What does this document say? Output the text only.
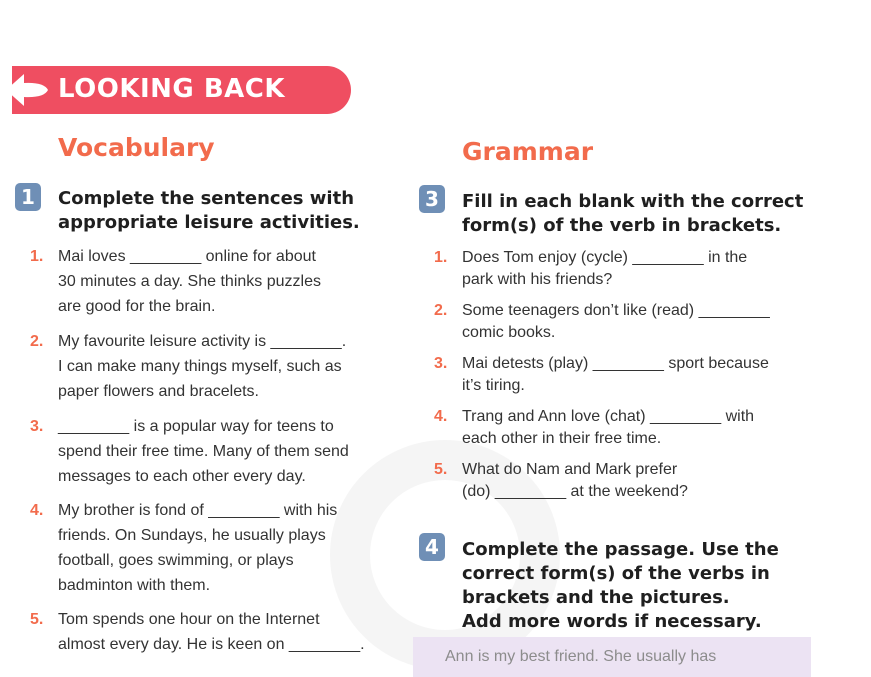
LOOKING BACK
Vocabulary
1	Complete the sentences with
appropriate leisure activities.
1. Mai loves ________ online for about
30 minutes a day. She thinks puzzles
are good for the brain.
2. My favourite leisure activity is ________.
I can make many things myself, such as
paper flowers and bracelets.
3. ________ is a popular way for teens to
spend their free time. Many of them send
messages to each other every day.
4. My brother is fond of ________ with his
friends. On Sundays, he usually plays
football, goes swimming, or plays
badminton with them.
5. Tom spends one hour on the Internet
almost every day. He is keen on ________.
Grammar
3	Fill in each blank with the correct
form(s) of the verb in brackets.
1. Does Tom enjoy (cycle) ________ in the
park with his friends?
2. Some teenagers don’t like (read) ________
comic books.
3. Mai detests (play) ________ sport because
it’s tiring.
4. Trang and Ann love (chat) ________ with
each other in their free time.
5. What do Nam and Mark prefer
(do) ________ at the weekend?
4	Complete the passage. Use the
correct form(s) of the verbs in
brackets and the pictures.
Add more words if necessary.
Ann is my best friend. She usually has
